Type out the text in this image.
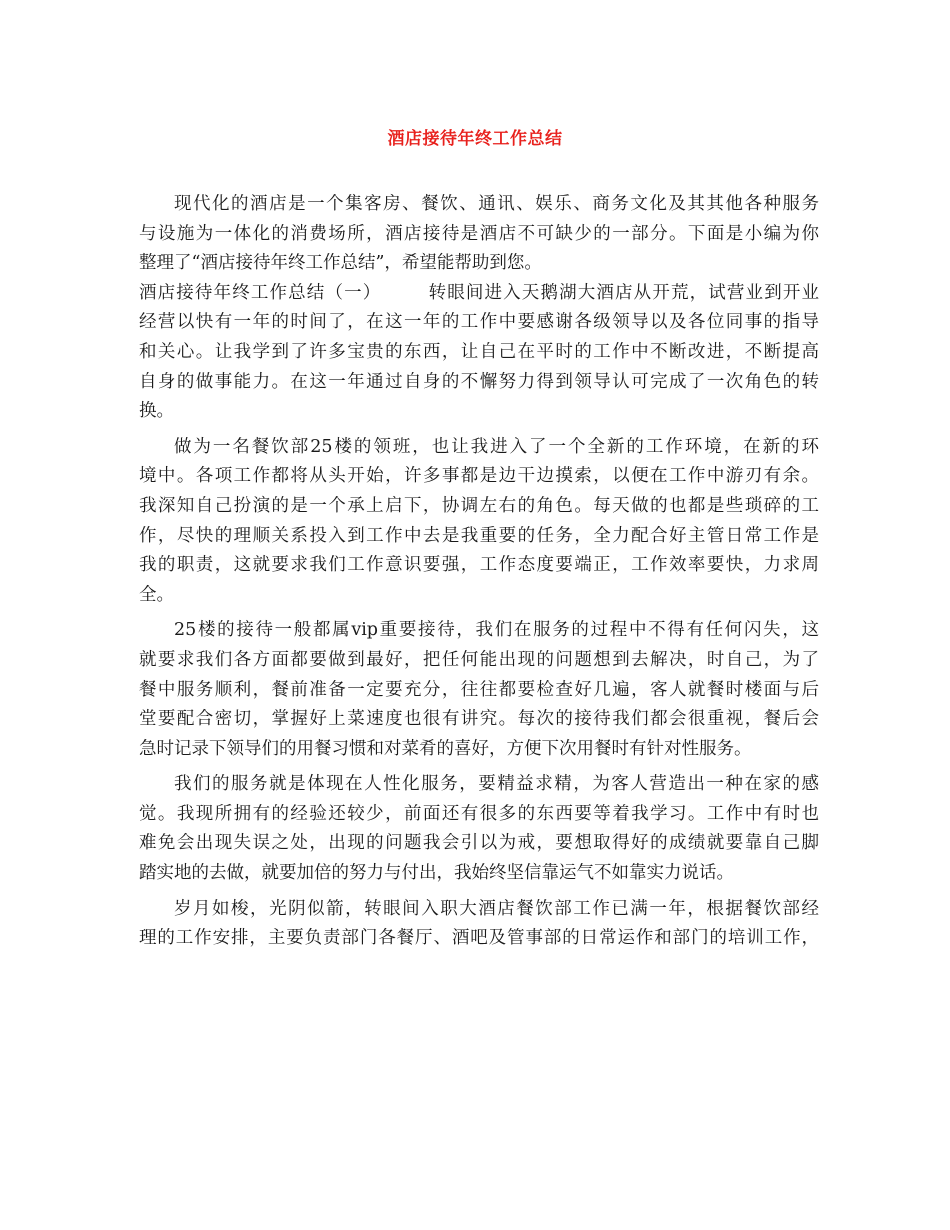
酒店接待年终工作总结
现代化的酒店是一个集客房、餐饮、通讯、娱乐、商务文化及其其他各种服务
与设施为一体化的消费场所，酒店接待是酒店不可缺少的一部分。下面是小编为你
整理了“酒店接待年终工作总结”，希望能帮助到您。
酒店接待年终工作总结（一）　　　转眼间进入天鹅湖大酒店从开荒，试营业到开业
经营以快有一年的时间了，在这一年的工作中要感谢各级领导以及各位同事的指导
和关心。让我学到了许多宝贵的东西，让自己在平时的工作中不断改进，不断提高
自身的做事能力。在这一年通过自身的不懈努力得到领导认可完成了一次角色的转
换。
做为一名餐饮部25楼的领班，也让我进入了一个全新的工作环境，在新的环
境中。各项工作都将从头开始，许多事都是边干边摸索，以便在工作中游刃有余。
我深知自己扮演的是一个承上启下，协调左右的角色。每天做的也都是些琐碎的工
作，尽快的理顺关系投入到工作中去是我重要的任务，全力配合好主管日常工作是
我的职责，这就要求我们工作意识要强，工作态度要端正，工作效率要快，力求周
全。
25楼的接待一般都属vip重要接待，我们在服务的过程中不得有任何闪失，这
就要求我们各方面都要做到最好，把任何能出现的问题想到去解决，时自己，为了
餐中服务顺利，餐前准备一定要充分，往往都要检查好几遍，客人就餐时楼面与后
堂要配合密切，掌握好上菜速度也很有讲究。每次的接待我们都会很重视，餐后会
急时记录下领导们的用餐习惯和对菜肴的喜好，方便下次用餐时有针对性服务。
我们的服务就是体现在人性化服务，要精益求精，为客人营造出一种在家的感
觉。我现所拥有的经验还较少，前面还有很多的东西要等着我学习。工作中有时也
难免会出现失误之处，出现的问题我会引以为戒，要想取得好的成绩就要靠自己脚
踏实地的去做，就要加倍的努力与付出，我始终坚信靠运气不如靠实力说话。
岁月如梭，光阴似箭，转眼间入职大酒店餐饮部工作已满一年，根据餐饮部经
理的工作安排，主要负责部门各餐厅、酒吧及管事部的日常运作和部门的培训工作，
